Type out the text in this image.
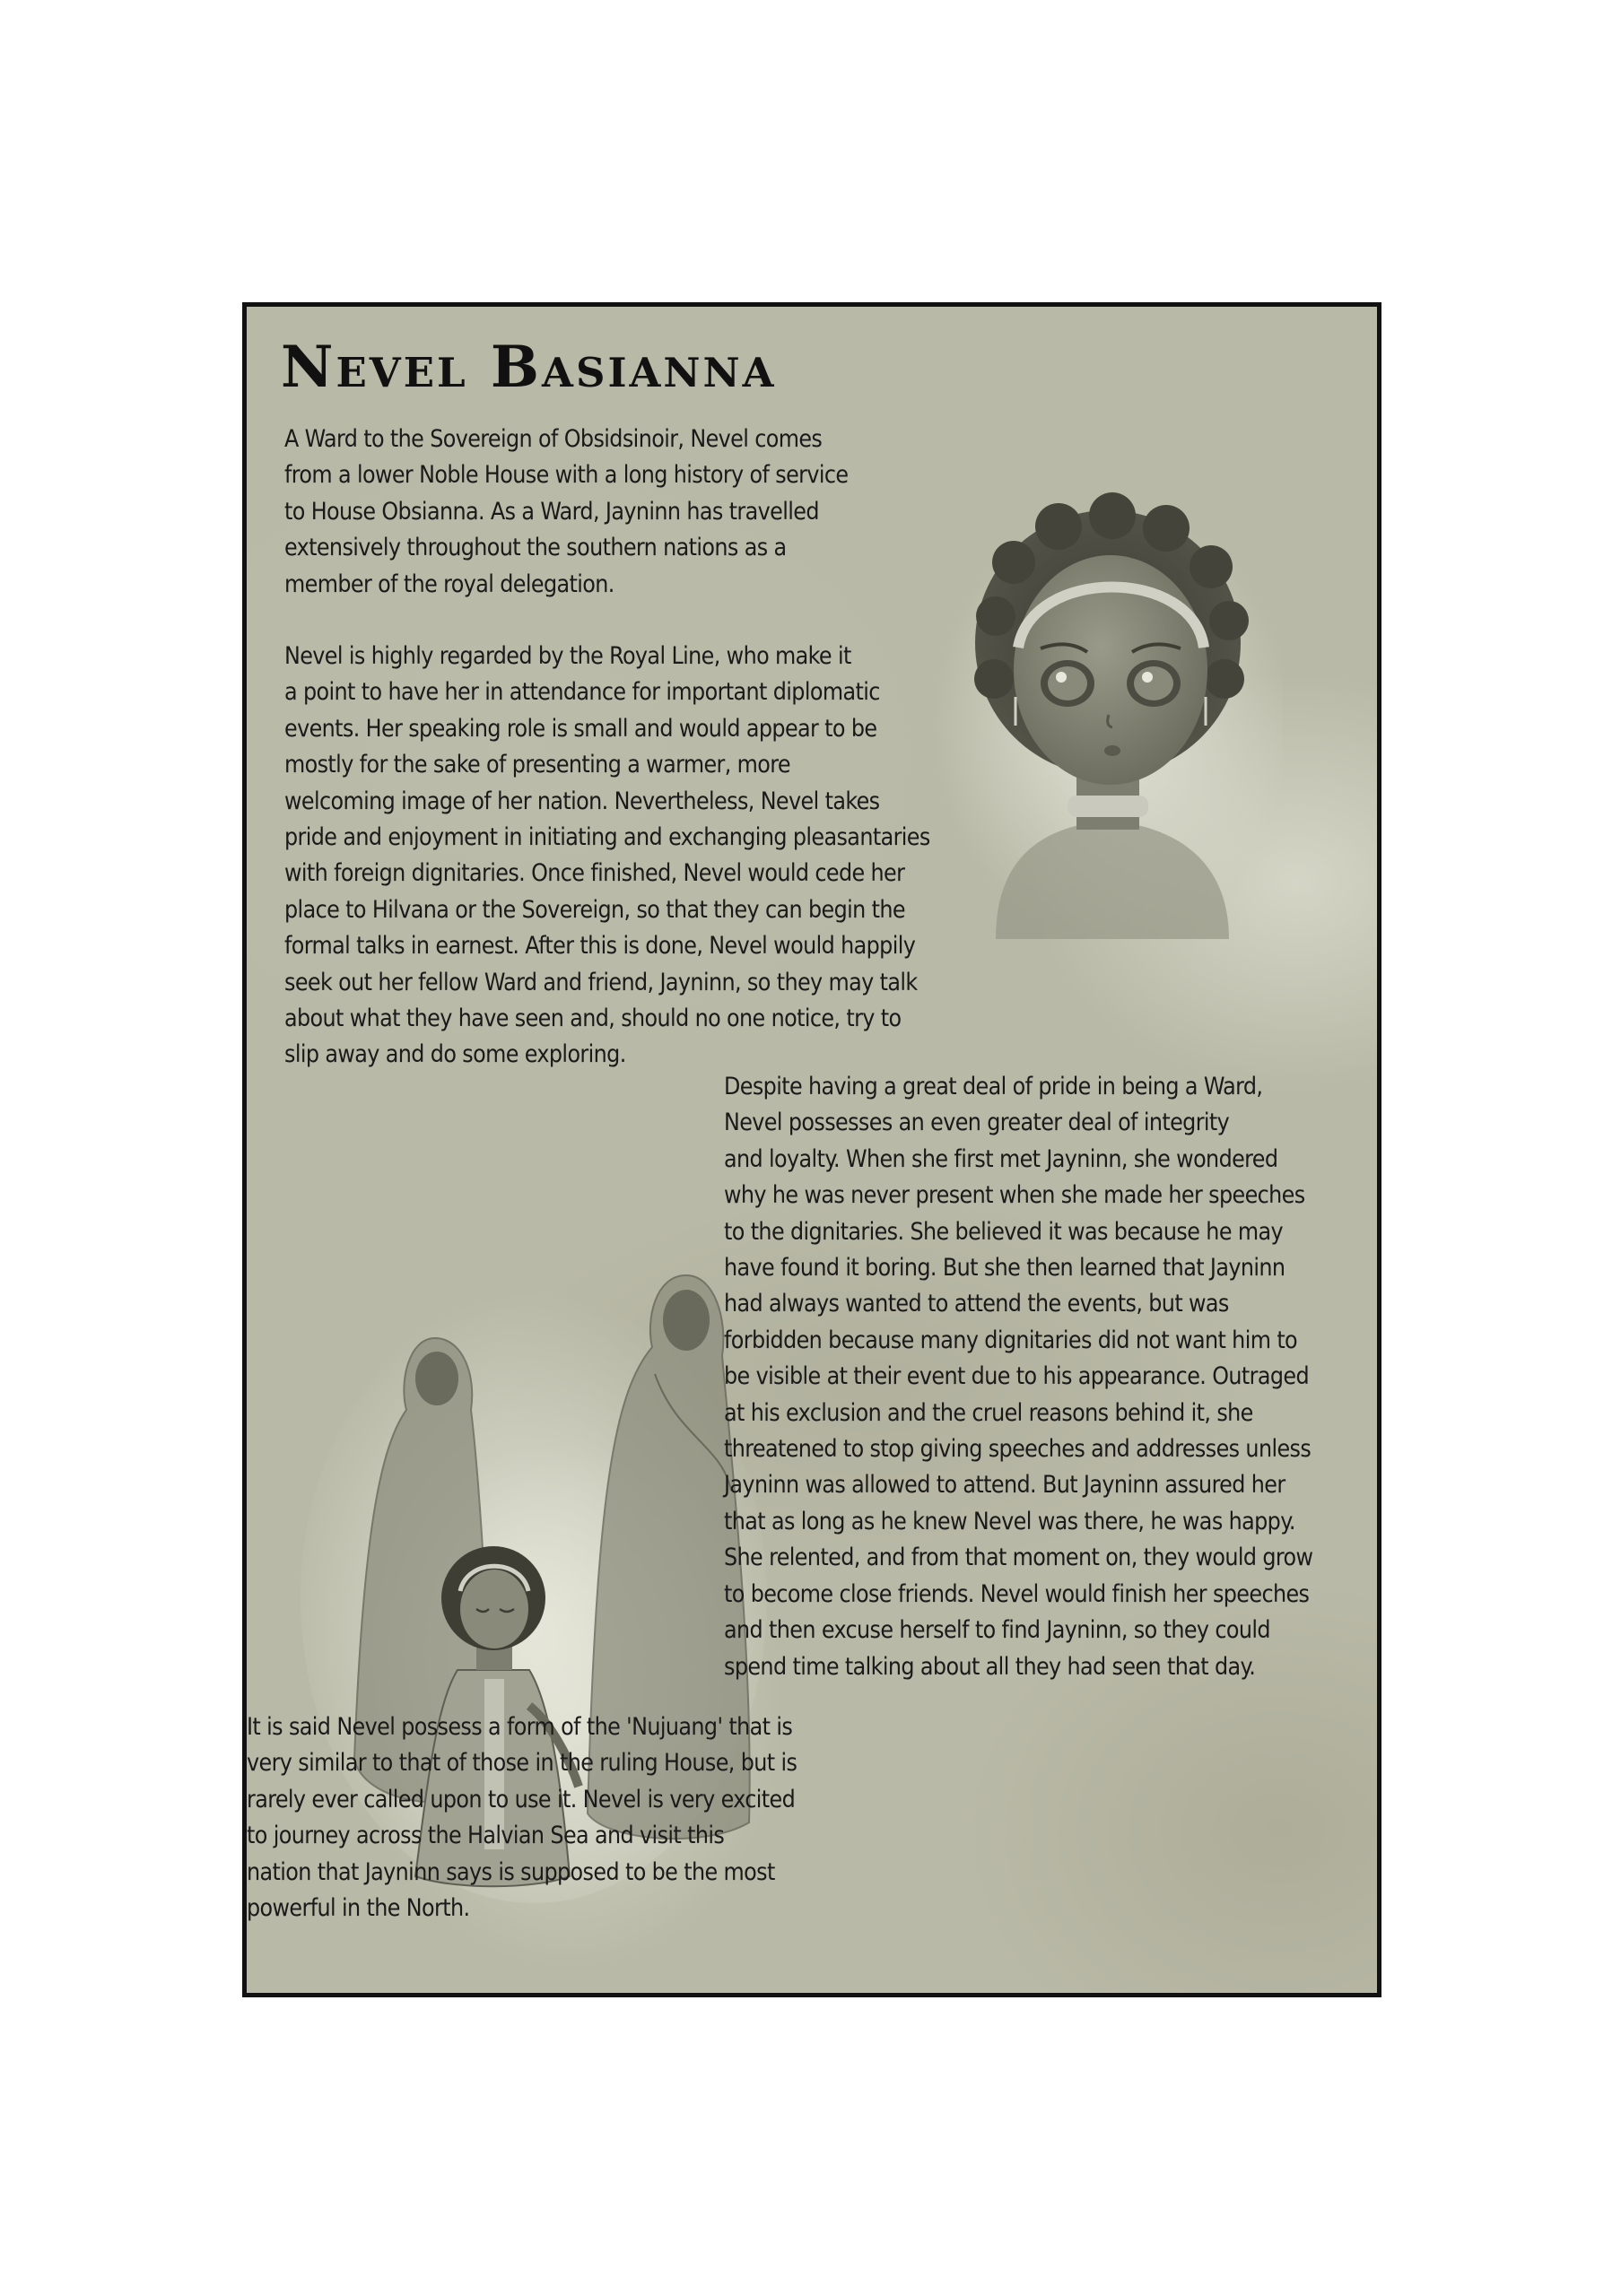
Nevel Basianna

A Ward to the Sovereign of Obsidsinoir, Nevel comes
from a lower Noble House with a long history of service
to House Obsianna. As a Ward, Jayninn has travelled
extensively throughout the southern nations as a
member of the royal delegation.

Nevel is highly regarded by the Royal Line, who make it
a point to have her in attendance for important diplomatic
events. Her speaking role is small and would appear to be
mostly for the sake of presenting a warmer, more
welcoming image of her nation. Nevertheless, Nevel takes
pride and enjoyment in initiating and exchanging pleasantaries
with foreign dignitaries. Once finished, Nevel would cede her
place to Hilvana or the Sovereign, so that they can begin the
formal talks in earnest. After this is done, Nevel would happily
seek out her fellow Ward and friend, Jayninn, so they may talk
about what they have seen and, should no one notice, try to
slip away and do some exploring.

Despite having a great deal of pride in being a Ward,
Nevel possesses an even greater deal of integrity
and loyalty. When she first met Jayninn, she wondered
why he was never present when she made her speeches
to the dignitaries. She believed it was because he may
have found it boring. But she then learned that Jayninn
had always wanted to attend the events, but was
forbidden because many dignitaries did not want him to
be visible at their event due to his appearance. Outraged
at his exclusion and the cruel reasons behind it, she
threatened to stop giving speeches and addresses unless
Jayninn was allowed to attend. But Jayninn assured her
that as long as he knew Nevel was there, he was happy.
She relented, and from that moment on, they would grow
to become close friends. Nevel would finish her speeches
and then excuse herself to find Jayninn, so they could
spend time talking about all they had seen that day.

It is said Nevel possess a form of the 'Nujuang' that is
very similar to that of those in the ruling House, but is
rarely ever called upon to use it. Nevel is very excited
to journey across the Halvian Sea and visit this
nation that Jayninn says is supposed to be the most
powerful in the North.
